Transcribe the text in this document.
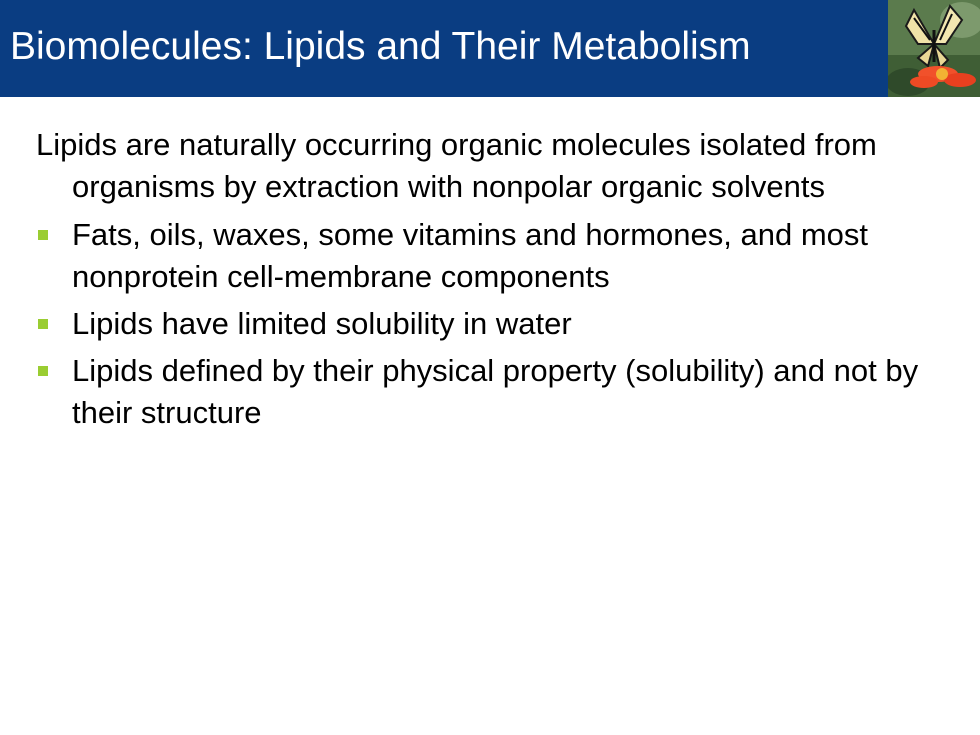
Biomolecules: Lipids and Their Metabolism

Lipids are naturally occurring organic molecules isolated from organisms by extraction with nonpolar organic solvents

Fats, oils, waxes, some vitamins and hormones, and most nonprotein cell-membrane components
Lipids have limited solubility in water
Lipids defined by their physical property (solubility) and not by their structure
